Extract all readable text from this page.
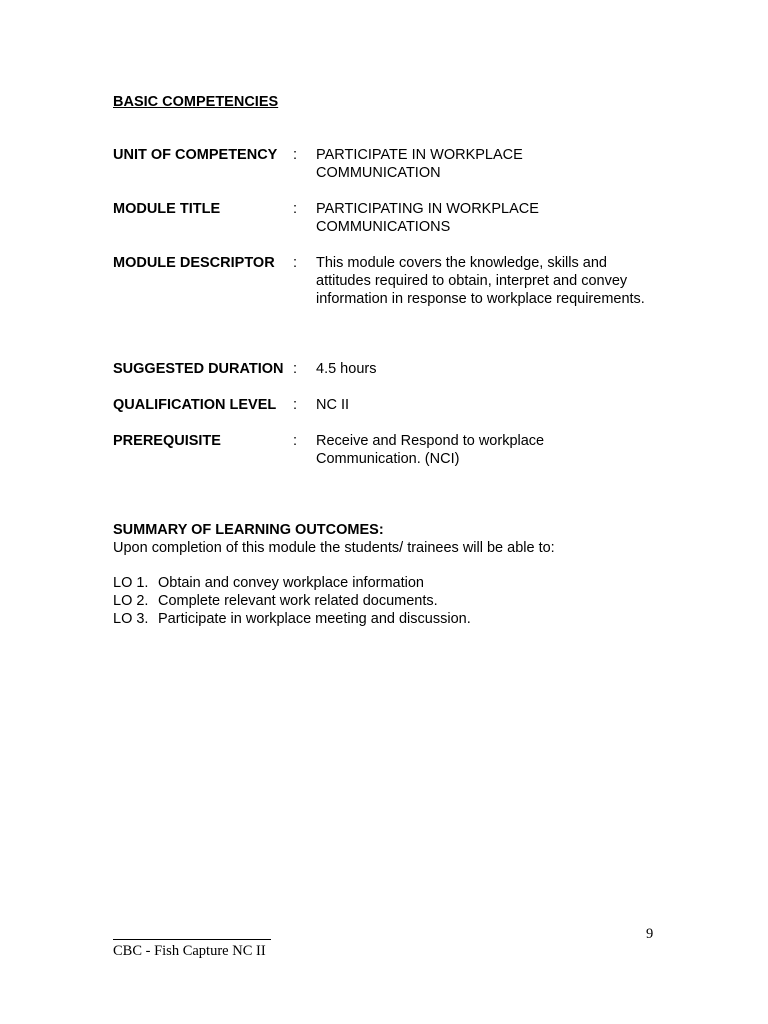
BASIC COMPETENCIES
UNIT OF COMPETENCY : PARTICIPATE IN WORKPLACE COMMUNICATION
MODULE TITLE	: PARTICIPATING IN WORKPLACE COMMUNICATIONS
MODULE DESCRIPTOR : This module covers the knowledge, skills and attitudes required to obtain, interpret and convey information in response to workplace requirements.
SUGGESTED DURATION : 4.5 hours
QUALIFICATION LEVEL : NC II
PREREQUISITE	: Receive and Respond to workplace Communication. (NCI)
SUMMARY OF LEARNING OUTCOMES:
Upon completion of this module the students/ trainees will be able to:
LO 1. Obtain and convey workplace information
LO 2. Complete relevant work related documents.
LO 3. Participate in workplace meeting and discussion.
9
CBC - Fish Capture NC II
